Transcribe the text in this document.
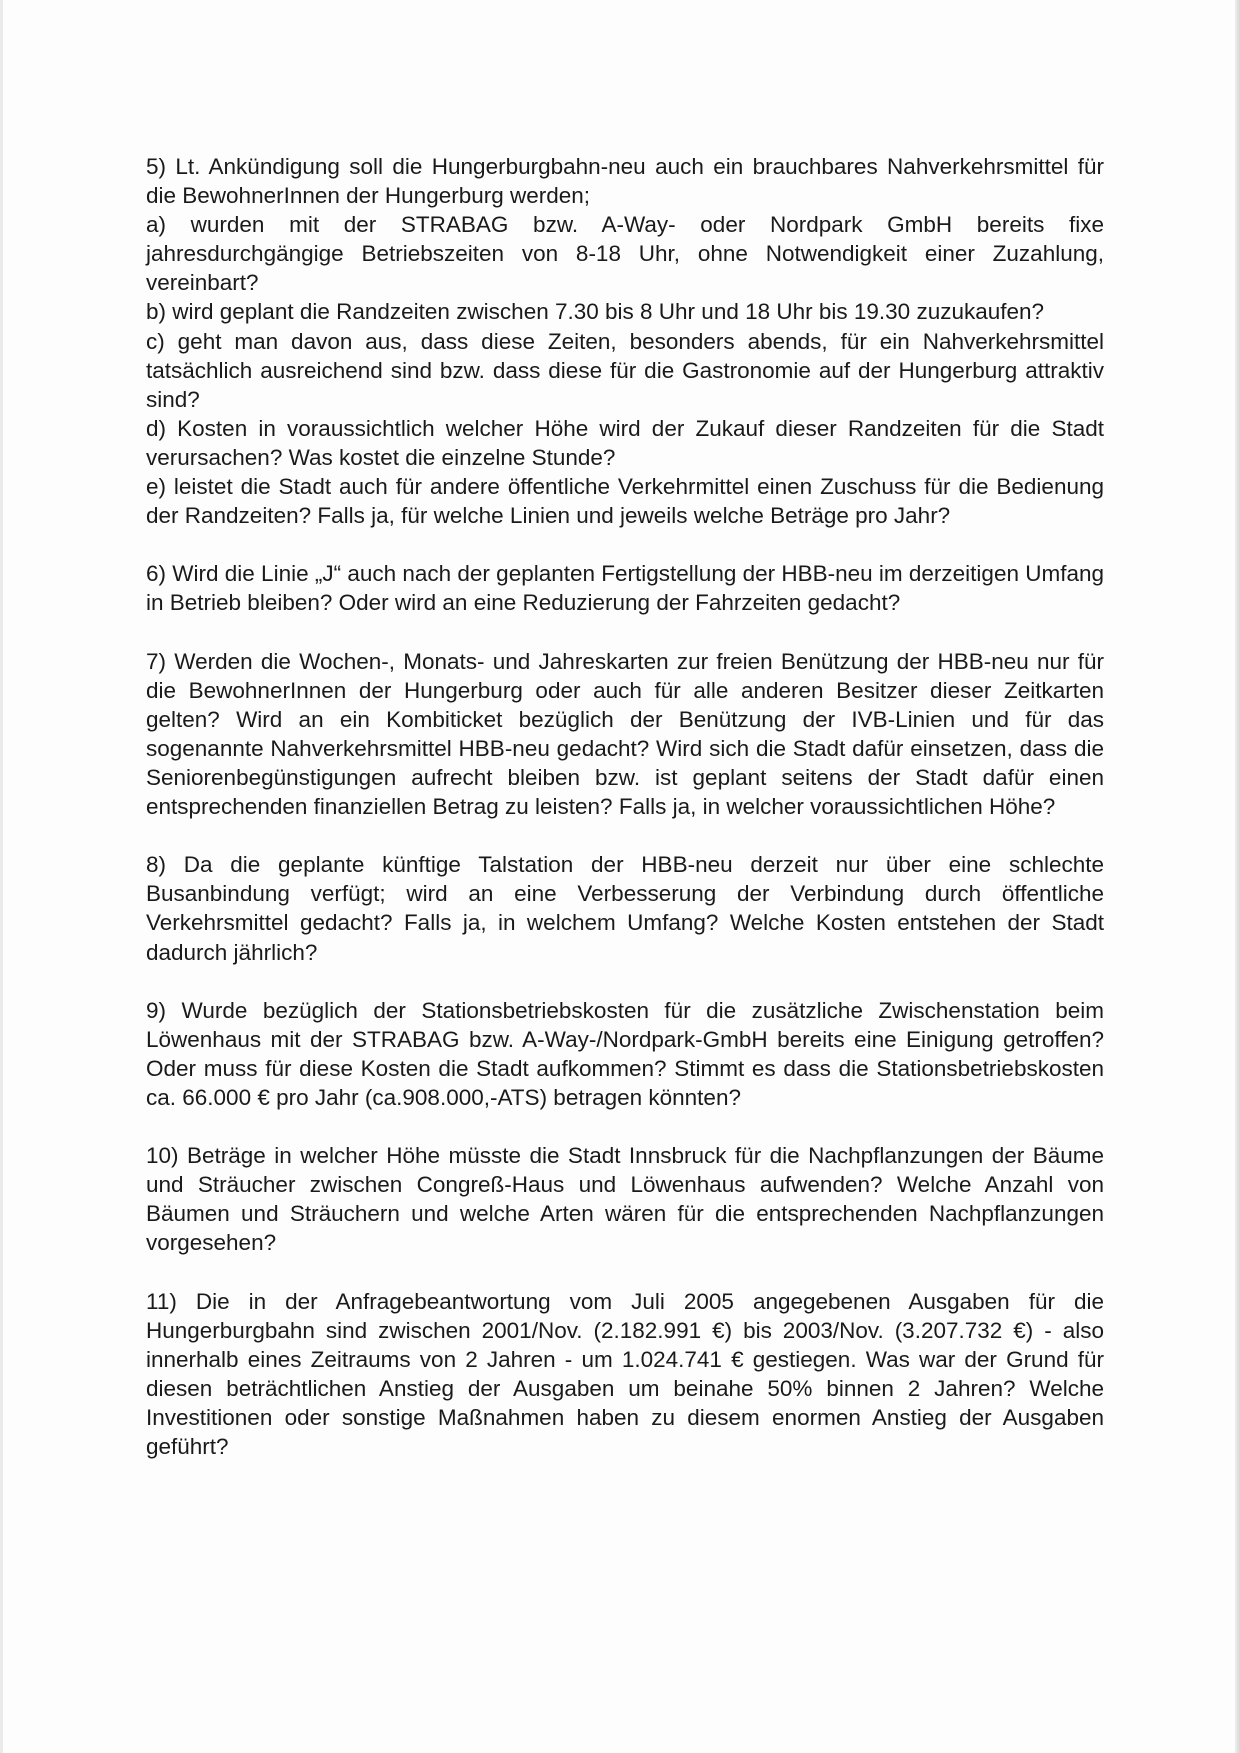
5) Lt. Ankündigung soll die Hungerburgbahn-neu auch ein brauchbares Nahverkehrsmittel für die BewohnerInnen der Hungerburg werden;

a) wurden mit der STRABAG bzw. A-Way- oder Nordpark GmbH bereits fixe jahresdurchgängige Betriebszeiten von 8-18 Uhr, ohne Notwendigkeit einer Zuzahlung, vereinbart?

b) wird geplant die Randzeiten zwischen 7.30 bis 8 Uhr und 18 Uhr bis 19.30 zuzukaufen?

c) geht man davon aus, dass diese Zeiten, besonders abends, für ein Nahverkehrsmittel tatsächlich ausreichend sind bzw. dass diese für die Gastronomie auf der Hungerburg attraktiv sind?

d) Kosten in voraussichtlich welcher Höhe wird der Zukauf dieser Randzeiten für die Stadt verursachen? Was kostet die einzelne Stunde?

e) leistet die Stadt auch für andere öffentliche Verkehrmittel einen Zuschuss für die Bedienung der Randzeiten? Falls ja, für welche Linien und jeweils welche Beträge pro Jahr?

6) Wird die Linie „J“ auch nach der geplanten Fertigstellung der HBB-neu im derzeitigen Umfang in Betrieb bleiben? Oder wird an eine Reduzierung der Fahrzeiten gedacht?

7) Werden die Wochen-, Monats- und Jahreskarten zur freien Benützung der HBB-neu nur für die BewohnerInnen der Hungerburg oder auch für alle anderen Besitzer dieser Zeitkarten gelten? Wird an ein Kombiticket bezüglich der Benützung der IVB-Linien und für das sogenannte Nahverkehrsmittel HBB-neu gedacht? Wird sich die Stadt dafür einsetzen, dass die Seniorenbegünstigungen aufrecht bleiben bzw. ist geplant seitens der Stadt dafür einen entsprechenden finanziellen Betrag zu leisten? Falls ja, in welcher voraussichtlichen Höhe?

8) Da die geplante künftige Talstation der HBB-neu derzeit nur über eine schlechte Busanbindung verfügt; wird an eine Verbesserung der Verbindung durch öffentliche Verkehrsmittel gedacht? Falls ja, in welchem Umfang? Welche Kosten entstehen der Stadt dadurch jährlich?

9) Wurde bezüglich der Stationsbetriebskosten für die zusätzliche Zwischenstation beim Löwenhaus mit der STRABAG bzw. A-Way-/Nordpark-GmbH bereits eine Einigung getroffen? Oder muss für diese Kosten die Stadt aufkommen? Stimmt es dass die Stationsbetriebskosten ca. 66.000 € pro Jahr (ca.908.000,-ATS) betragen könnten?

10) Beträge in welcher Höhe müsste die Stadt Innsbruck für die Nachpflanzungen der Bäume und Sträucher zwischen Congreß-Haus und Löwenhaus aufwenden? Welche Anzahl von Bäumen und Sträuchern und welche Arten wären für die entsprechenden Nachpflanzungen vorgesehen?

11) Die in der Anfragebeantwortung vom Juli 2005 angegebenen Ausgaben für die Hungerburgbahn sind zwischen 2001/Nov. (2.182.991 €) bis 2003/Nov. (3.207.732 €) - also innerhalb eines Zeitraums von 2 Jahren - um 1.024.741 € gestiegen. Was war der Grund für diesen beträchtlichen Anstieg der Ausgaben um beinahe 50% binnen 2 Jahren? Welche Investitionen oder sonstige Maßnahmen haben zu diesem enormen Anstieg der Ausgaben geführt?
